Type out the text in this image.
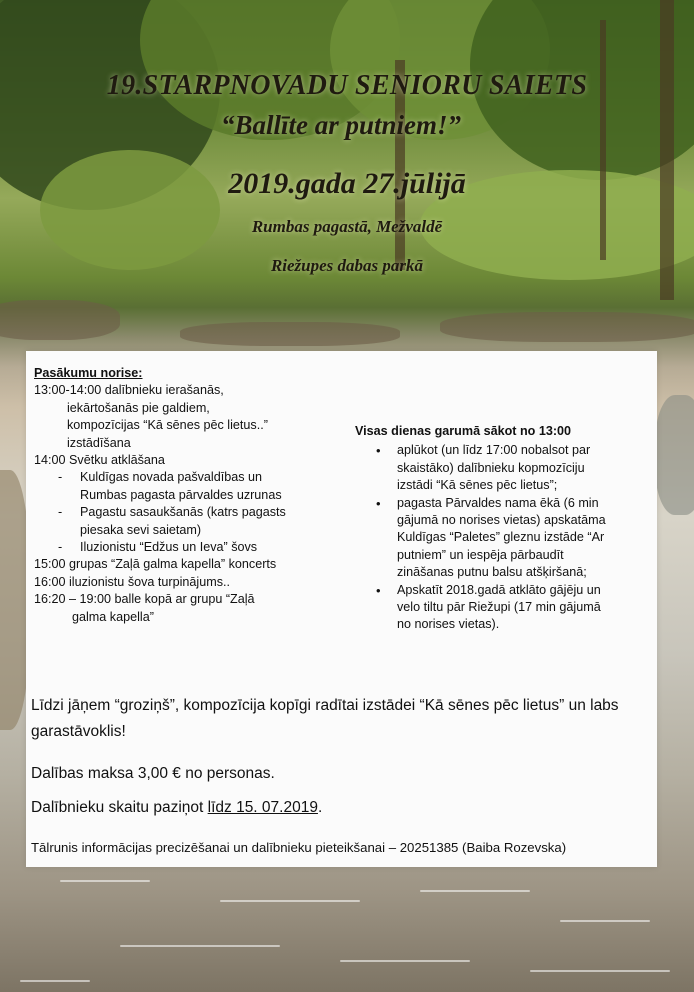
19.STARPNOVADU SENIORU SAIETS
“Ballīte ar putniem!”
2019.gada 27.jūlijā
Rumbas pagastā, Mežvaldē
Riežupes dabas parkā
Pasākumu norise:
13:00-14:00 dalībnieku ierašanās,
iekārtošanās pie galdiem,
kompozīcijas “Kā sēnes pēc lietus..”
izstādīšana
14:00 Svētku atklāšana
- Kuldīgas novada pašvaldības un
Rumbas pagasta pārvaldes uzrunas
- Pagastu sasaukšanās (katrs pagasts
piesaka sevi saietam)
- Iluzionistu “Edžus un Ieva” šovs
15:00 grupas “Zaļā galma kapella” koncerts
16:00 iluzionistu šova turpinājums..
16:20 – 19:00 balle kopā ar grupu “Zaļā
galma kapella”
Visas dienas garumā sākot no 13:00
• aplūkot (un līdz 17:00 nobalsot par
skaistāko) dalībnieku kopmozīciju
izstādi “Kā sēnes pēc lietus”;
• pagasta Pārvaldes nama ēkā (6 min
gājumā no norises vietas) apskatāma
Kuldīgas “Paletes” gleznu izstāde “Ar
putniem” un iespēja pārbaudīt
zināšanas putnu balsu atšķiršanā;
• Apskatīt 2018.gadā atklāto gājēju un
velo tiltu pār Riežupi (17 min gājumā
no norises vietas).

Līdzi jāņem “groziņš”, kompozīcija kopīgi radītai izstādei “Kā sēnes pēc lietus” un labs garastāvoklis!

Dalības maksa 3,00 € no personas.

Dalībnieku skaitu paziņot līdz 15. 07.2019.

Tālrunis informācijas precizēšanai un dalībnieku pieteikšanai – 20251385 (Baiba Rozevska)
